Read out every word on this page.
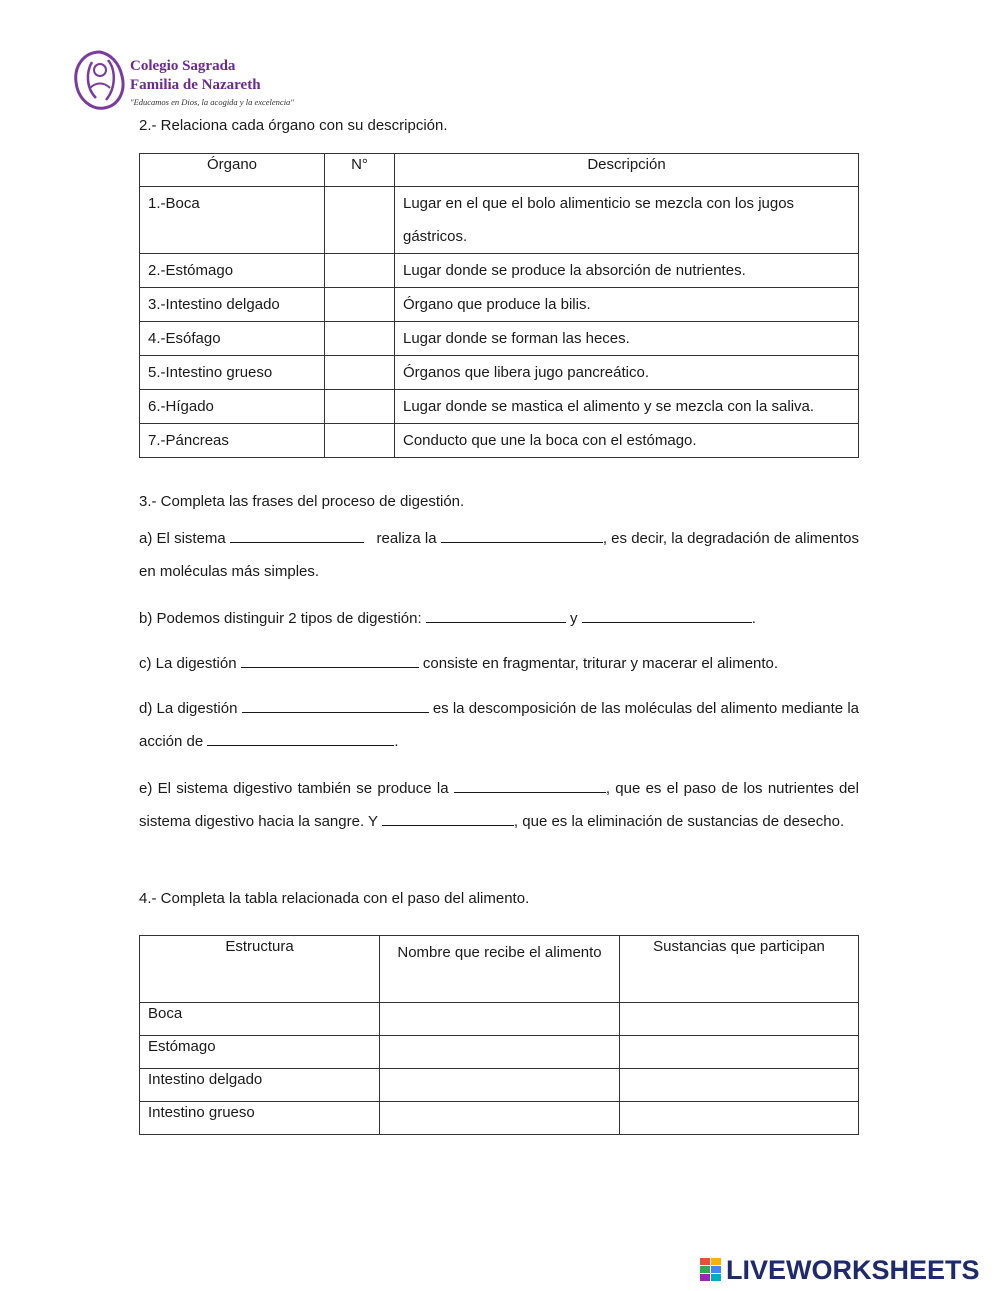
Colegio Sagrada
Familia de Nazareth
"Educamos en Dios, la acogida y la excelencia"
2.- Relaciona cada órgano con su descripción.
Órgano	N°	Descripción
1.-Boca		Lugar en el que el bolo alimenticio se mezcla con los jugos gástricos.
2.-Estómago		Lugar donde se produce la absorción de nutrientes.
3.-Intestino delgado		Órgano que produce la bilis.
4.-Esófago		Lugar donde se forman las heces.
5.-Intestino grueso		Órganos que libera jugo pancreático.
6.-Hígado		Lugar donde se mastica el alimento y se mezcla con la saliva.
7.-Páncreas		Conducto que une la boca con el estómago.
3.- Completa las frases del proceso de digestión.
a) El sistema	realiza la	, es decir, la degradación de alimentos en moléculas más simples.
b) Podemos distinguir 2 tipos de digestión:	y	.
c) La digestión	consiste en fragmentar, triturar y macerar el alimento.
d) La digestión	es la descomposición de las moléculas del alimento mediante la acción de	.
e) El sistema digestivo también se produce la	, que es el paso de los nutrientes del sistema digestivo hacia la sangre. Y	, que es la eliminación de sustancias de desecho.
4.- Completa la tabla relacionada con el paso del alimento.
Estructura	Nombre que recibe el alimento	Sustancias que participan
Boca		
Estómago		
Intestino delgado		
Intestino grueso		
LIVEWORKSHEETS
